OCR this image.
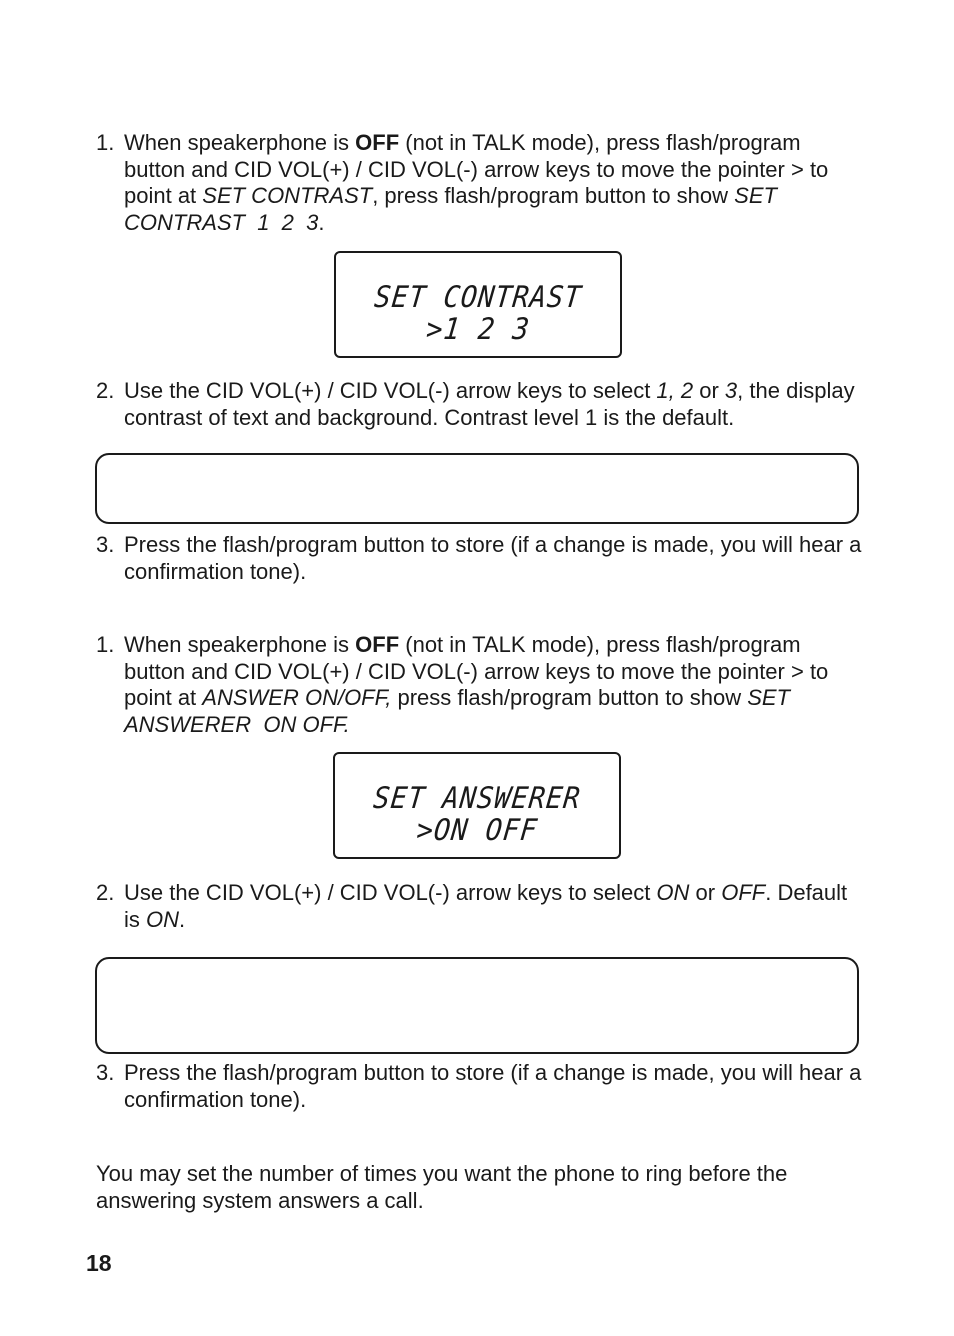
1. When speakerphone is OFF (not in TALK mode), press flash/program button and CID VOL(+) / CID VOL(-) arrow keys to move the pointer > to point at SET CONTRAST, press flash/program button to show SET CONTRAST  1  2  3.
SET CONTRAST
>1 2 3
2. Use the CID VOL(+) / CID VOL(-) arrow keys to select 1, 2 or 3, the display contrast of text and background. Contrast level 1 is the default.
3. Press the flash/program button to store (if a change is made, you will hear a confirmation tone).
1. When speakerphone is OFF (not in TALK mode), press flash/program button and CID VOL(+) / CID VOL(-) arrow keys to move the pointer > to point at ANSWER ON/OFF, press flash/program button to show SET ANSWERER  ON OFF.
SET ANSWERER
>ON OFF
2. Use the CID VOL(+) / CID VOL(-) arrow keys to select ON or OFF. Default is ON.
3. Press the flash/program button to store (if a change is made, you will hear a confirmation tone).
You may set the number of times you want the phone to ring before the answering system answers a call.
18
